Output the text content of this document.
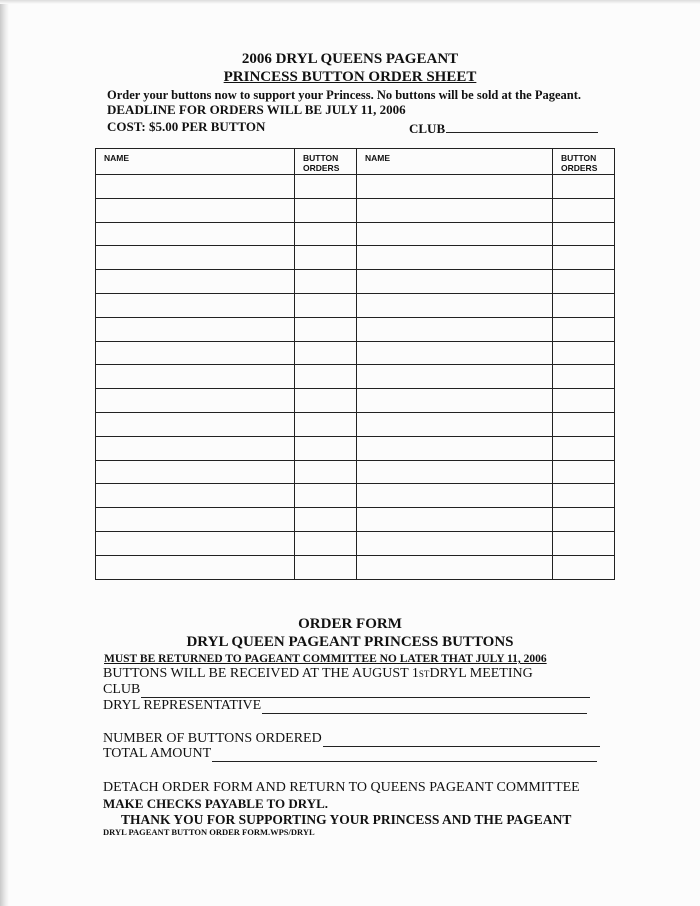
2006 DRYL QUEENS PAGEANT
PRINCESS BUTTON ORDER SHEET
Order your buttons now to support your Princess. No buttons will be sold at the Pageant.
DEADLINE FOR ORDERS WILL BE JULY 11, 2006
COST: $5.00 PER BUTTON	CLUB
NAME	BUTTON ORDERS	NAME	BUTTON ORDERS

ORDER FORM
DRYL QUEEN PAGEANT PRINCESS BUTTONS
MUST BE RETURNED TO PAGEANT COMMITTEE NO LATER THAT JULY 11, 2006
BUTTONS WILL BE RECEIVED AT THE AUGUST 1 ST DRYL MEETING
CLUB
DRYL REPRESENTATIVE
NUMBER OF BUTTONS ORDERED
TOTAL AMOUNT
DETACH ORDER FORM AND RETURN TO QUEENS PAGEANT COMMITTEE
MAKE CHECKS PAYABLE TO DRYL.
THANK YOU FOR SUPPORTING YOUR PRINCESS AND THE PAGEANT
DRYL PAGEANT BUTTON ORDER FORM.WPS/DRYL
